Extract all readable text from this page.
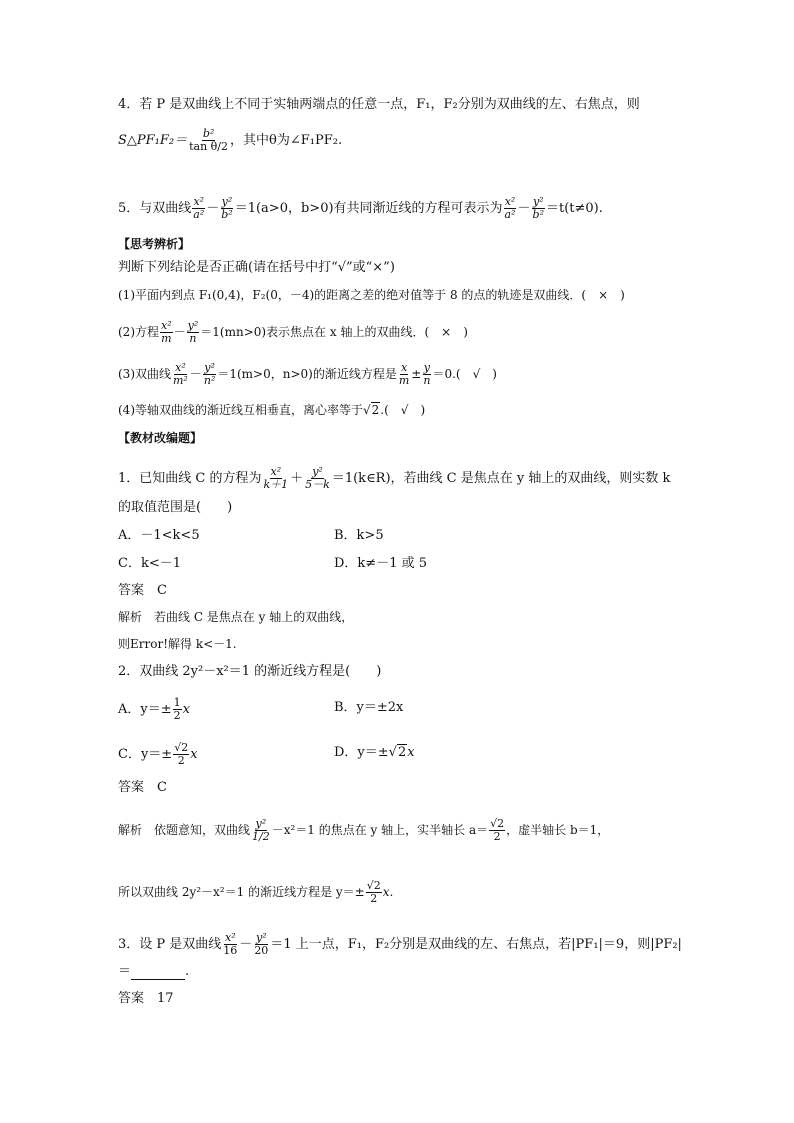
4．若 P 是双曲线上不同于实轴两端点的任意一点，F₁，F₂分别为双曲线的左、右焦点，则
S△PF₁F₂＝ $\frac{\text{b²}}{\text{tan θ/2}}$ ，其中θ为∠F₁PF₂.
5．与双曲线 $\frac{\text{x²}}{\text{a²}} - \frac{\text{y²}}{\text{b²}} =1(a>0$，b>0)有共同渐近线的方程可表示为 $\frac{\text{x²}}{\text{a²}} - \frac{\text{y²}}{\text{b²}} =t(t\ne 0)$.
【思考辨析】
判断下列结论是否正确(请在括号中打“√”或“×”)
(1)平面内到点 F₁(0,4)，F₂(0，－4)的距离之差的绝对值等于 8 的点的轨迹是双曲线．(　×　)
(2)方程 $\frac{\text{x²}}{m} - \frac{\text{y²}}{n} =1(mn>0)$表示焦点在 x 轴上的双曲线．(　×　)
(3)双曲线 $\frac{\text{x²}}{\text{m²}} - \frac{\text{y²}}{\text{n²}} =1(m>0$，n>0)的渐近线方程是 $\frac{x}{m} \pm \frac{y}{n} =0$.(　√　)
(4)等轴双曲线的渐近线互相垂直，离心率等于√2.(　√　)
【教材改编题】
1．已知曲线 C 的方程为 $\frac{\text{x²}}{k+1} + \frac{\text{y²}}{5-k}$ ＝1(k∈R)，若曲线 C 是焦点在 y 轴上的双曲线，则实数 k
的取值范围是(　　)
A．－1<k<5	B．k>5
C．k<－1	D．k≠－1 或 5
答案　C
解析　若曲线 C 是焦点在 y 轴上的双曲线，
则Error!解得 k<－1.
2．双曲线 2y²－x²＝1 的渐近线方程是(　　)
A．$y=\pm \frac{1}{2}$ x	B．y＝±2x
C．$y=\pm \frac{√2}{2}$ x	D．y＝±√2x
答案　C
解析　依题意知，双曲线 $\frac{\text{y²}}{1/2} -x^2=1$ 的焦点在 y 轴上，实半轴长 $a= \frac{√2}{2}$ ，虚半轴长 b＝1，
所以双曲线 2y²－x²＝1 的渐近线方程是 $y=\pm \frac{√2}{2} x$.
3．设 P 是双曲线 $\frac{\text{x²}}{16} - \frac{\text{y²}}{20} =1$ 上一点，F₁，F₂分别是双曲线的左、右焦点，若|PF₁|＝9，则|PF₂|
＝	.
答案　17
